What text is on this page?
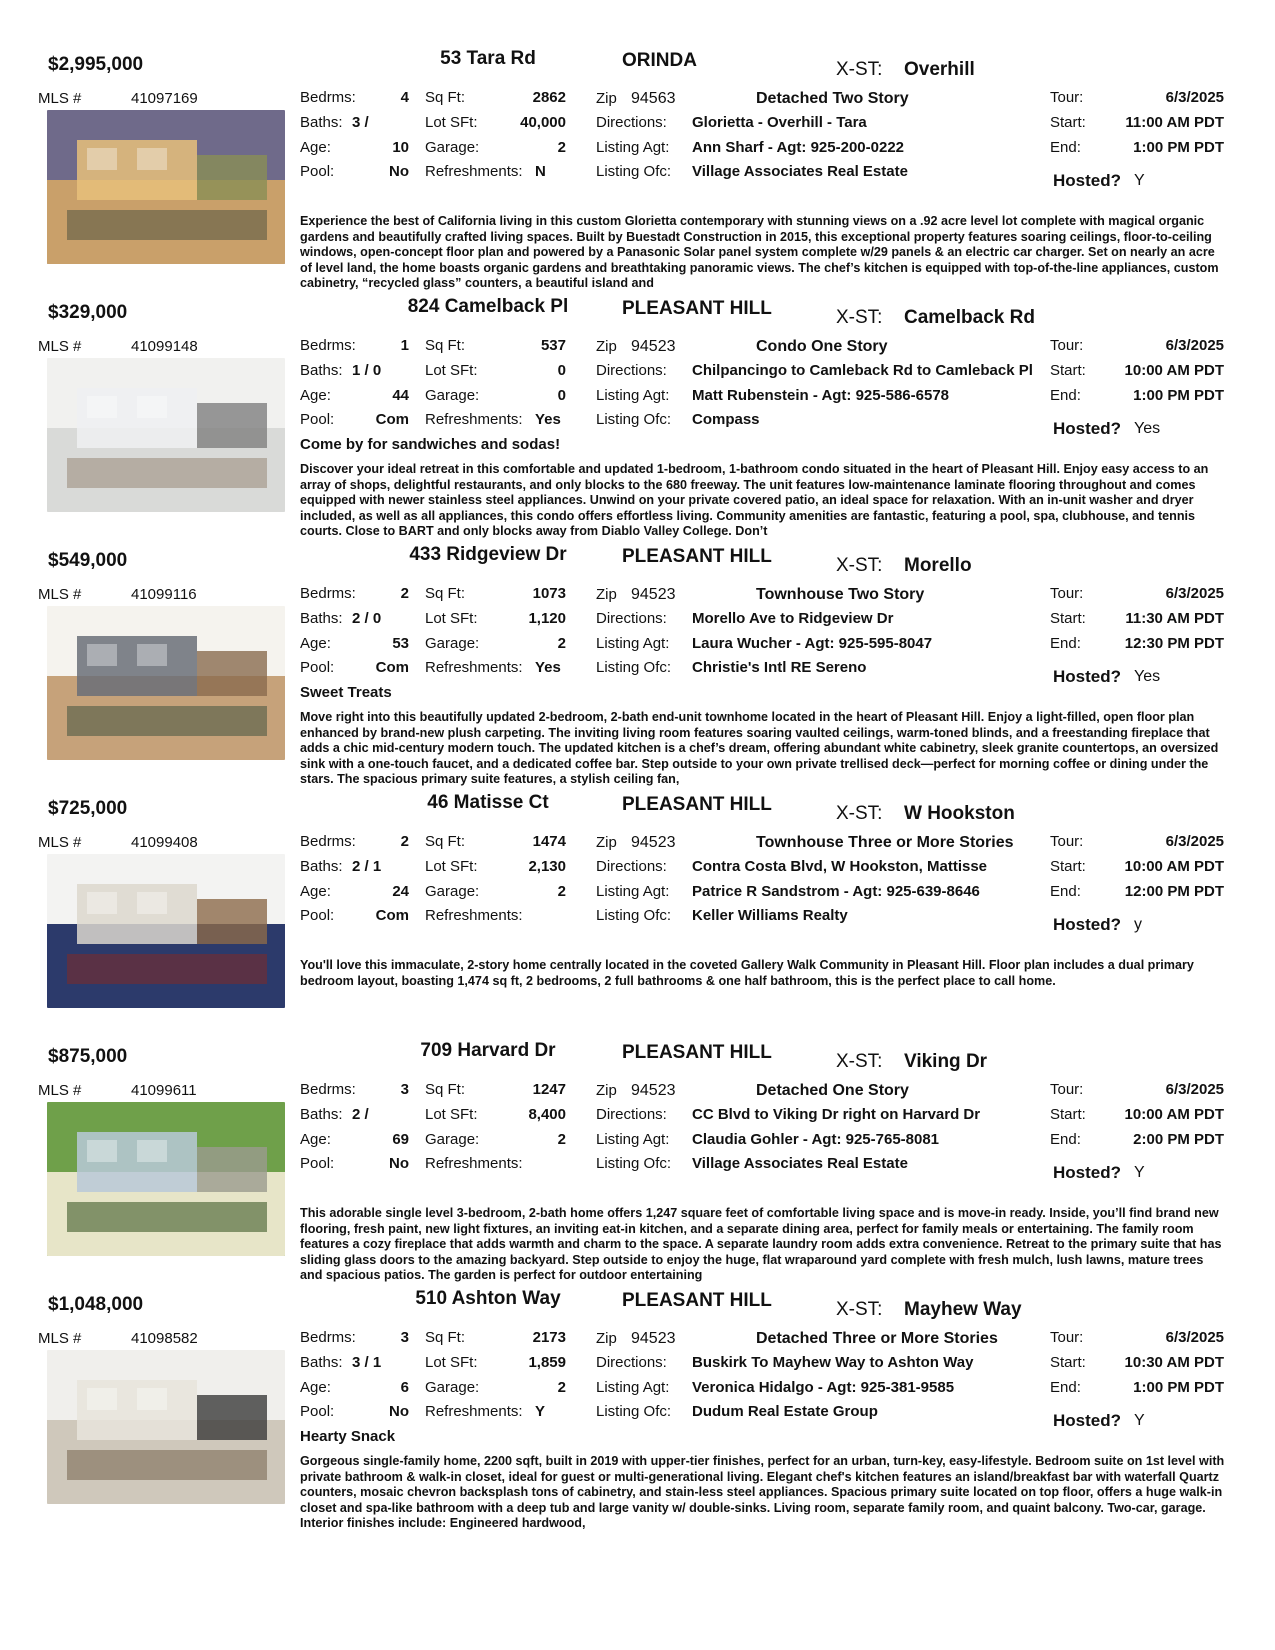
$2,995,000	53 Tara Rd	ORINDA	X-ST: Overhill
MLS #	41097169	Bedrms:	4
Baths: 3 /
Age:	10
Pool:	No
Sq Ft:	2862
Lot SFt:	40,000
Garage:	2
Refreshments: N
Zip 94563	Detached Two Story
Directions: Glorietta - Overhill - Tara
Listing Agt: Ann Sharf - Agt: 925-200-0222
Listing Ofc: Village Associates Real Estate
Tour:	6/3/2025
Start:	11:00 AM PDT
End:	1:00 PM PDT
Hosted? Y
Experience the best of California living in this custom Glorietta contemporary with stunning views on a .92 acre level lot complete with magical organic gardens and beautifully crafted living spaces. Built by Buestadt Construction in 2015, this exceptional property features soaring ceilings, floor-to-ceiling windows, open-concept floor plan and powered by a Panasonic Solar panel system complete w/29 panels & an electric car charger. Set on nearly an acre of level land, the home boasts organic gardens and breathtaking panoramic views. The chef’s kitchen is equipped with top-of-the-line appliances, custom cabinetry, “recycled glass” counters, a beautiful island and
$329,000	824 Camelback Pl	PLEASANT HILL	X-ST: Camelback Rd
MLS #	41099148	Bedrms:	1
Baths: 1 / 0
Age:	44
Pool:	Com
Sq Ft:	537
Lot SFt:	0
Garage:	0
Refreshments: Yes
Zip 94523	Condo One Story
Directions: Chilpancingo to Camleback Rd to Camleback Pl
Listing Agt: Matt Rubenstein - Agt: 925-586-6578
Listing Ofc: Compass
Tour:	6/3/2025
Start:	10:00 AM PDT
End:	1:00 PM PDT
Hosted? Yes
Come by for sandwiches and sodas!
Discover your ideal retreat in this comfortable and updated 1-bedroom, 1-bathroom condo situated in the heart of Pleasant Hill. Enjoy easy access to an array of shops, delightful restaurants, and only blocks to the 680 freeway. The unit features low-maintenance laminate flooring throughout and comes equipped with newer stainless steel appliances. Unwind on your private covered patio, an ideal space for relaxation. With an in-unit washer and dryer included, as well as all appliances, this condo offers effortless living. Community amenities are fantastic, featuring a pool, spa, clubhouse, and tennis courts. Close to BART and only blocks away from Diablo Valley College. Don’t
$549,000	433 Ridgeview Dr	PLEASANT HILL	X-ST: Morello
MLS #	41099116	Bedrms:	2
Baths: 2 / 0
Age:	53
Pool:	Com
Sq Ft:	1073
Lot SFt:	1,120
Garage:	2
Refreshments: Yes
Zip 94523	Townhouse Two Story
Directions: Morello Ave to Ridgeview Dr
Listing Agt: Laura Wucher - Agt: 925-595-8047
Listing Ofc: Christie's Intl RE Sereno
Tour:	6/3/2025
Start:	11:30 AM PDT
End:	12:30 PM PDT
Hosted? Yes
Sweet Treats
Move right into this beautifully updated 2-bedroom, 2-bath end-unit townhome located in the heart of Pleasant Hill. Enjoy a light-filled, open floor plan enhanced by brand-new plush carpeting. The inviting living room features soaring vaulted ceilings, warm-toned blinds, and a freestanding fireplace that adds a chic mid-century modern touch. The updated kitchen is a chef’s dream, offering abundant white cabinetry, sleek granite countertops, an oversized sink with a one-touch faucet, and a dedicated coffee bar. Step outside to your own private trellised deck—perfect for morning coffee or dining under the stars. The spacious primary suite features, a stylish ceiling fan,
$725,000	46 Matisse Ct	PLEASANT HILL	X-ST: W Hookston
MLS #	41099408	Bedrms:	2
Baths: 2 / 1
Age:	24
Pool:	Com
Sq Ft:	1474
Lot SFt:	2,130
Garage:	2
Refreshments:
Zip 94523	Townhouse Three or More Stories
Directions: Contra Costa Blvd, W Hookston, Mattisse
Listing Agt: Patrice R Sandstrom - Agt: 925-639-8646
Listing Ofc: Keller Williams Realty
Tour:	6/3/2025
Start:	10:00 AM PDT
End:	12:00 PM PDT
Hosted? y
You'll love this immaculate, 2-story home centrally located in the coveted Gallery Walk Community in Pleasant Hill. Floor plan includes a dual primary bedroom layout, boasting 1,474 sq ft, 2 bedrooms, 2 full bathrooms & one half bathroom, this is the perfect place to call home.
$875,000	709 Harvard Dr	PLEASANT HILL	X-ST: Viking Dr
MLS #	41099611	Bedrms:	3
Baths: 2 /
Age:	69
Pool:	No
Sq Ft:	1247
Lot SFt:	8,400
Garage:	2
Refreshments:
Zip 94523	Detached One Story
Directions: CC Blvd to Viking Dr right on Harvard Dr
Listing Agt: Claudia Gohler - Agt: 925-765-8081
Listing Ofc: Village Associates Real Estate
Tour:	6/3/2025
Start:	10:00 AM PDT
End:	2:00 PM PDT
Hosted? Y
This adorable single level 3-bedroom, 2-bath home offers 1,247 square feet of comfortable living space and is move-in ready. Inside, you’ll find brand new flooring, fresh paint, new light fixtures, an inviting eat-in kitchen, and a separate dining area, perfect for family meals or entertaining. The family room features a cozy fireplace that adds warmth and charm to the space. A separate laundry room adds extra convenience. Retreat to the primary suite that has sliding glass doors to the amazing backyard. Step outside to enjoy the huge, flat wraparound yard complete with fresh mulch, lush lawns, mature trees and spacious patios. The garden is perfect for outdoor entertaining
$1,048,000	510 Ashton Way	PLEASANT HILL	X-ST: Mayhew Way
MLS #	41098582	Bedrms:	3
Baths: 3 / 1
Age:	6
Pool:	No
Sq Ft:	2173
Lot SFt:	1,859
Garage:	2
Refreshments: Y
Zip 94523	Detached Three or More Stories
Directions: Buskirk To Mayhew Way to Ashton Way
Listing Agt: Veronica Hidalgo - Agt: 925-381-9585
Listing Ofc: Dudum Real Estate Group
Tour:	6/3/2025
Start:	10:30 AM PDT
End:	1:00 PM PDT
Hosted? Y
Hearty Snack
Gorgeous single-family home, 2200 sqft, built in 2019 with upper-tier finishes, perfect for an urban, turn-key, easy-lifestyle. Bedroom suite on 1st level with private bathroom & walk-in closet, ideal for guest or multi-generational living. Elegant chef's kitchen features an island/breakfast bar with waterfall Quartz counters, mosaic chevron backsplash tons of cabinetry, and stain-less steel appliances. Spacious primary suite located on top floor, offers a huge walk-in closet and spa-like bathroom with a deep tub and large vanity w/ double-sinks. Living room, separate family room, and quaint balcony. Two-car, garage. Interior finishes include: Engineered hardwood,
